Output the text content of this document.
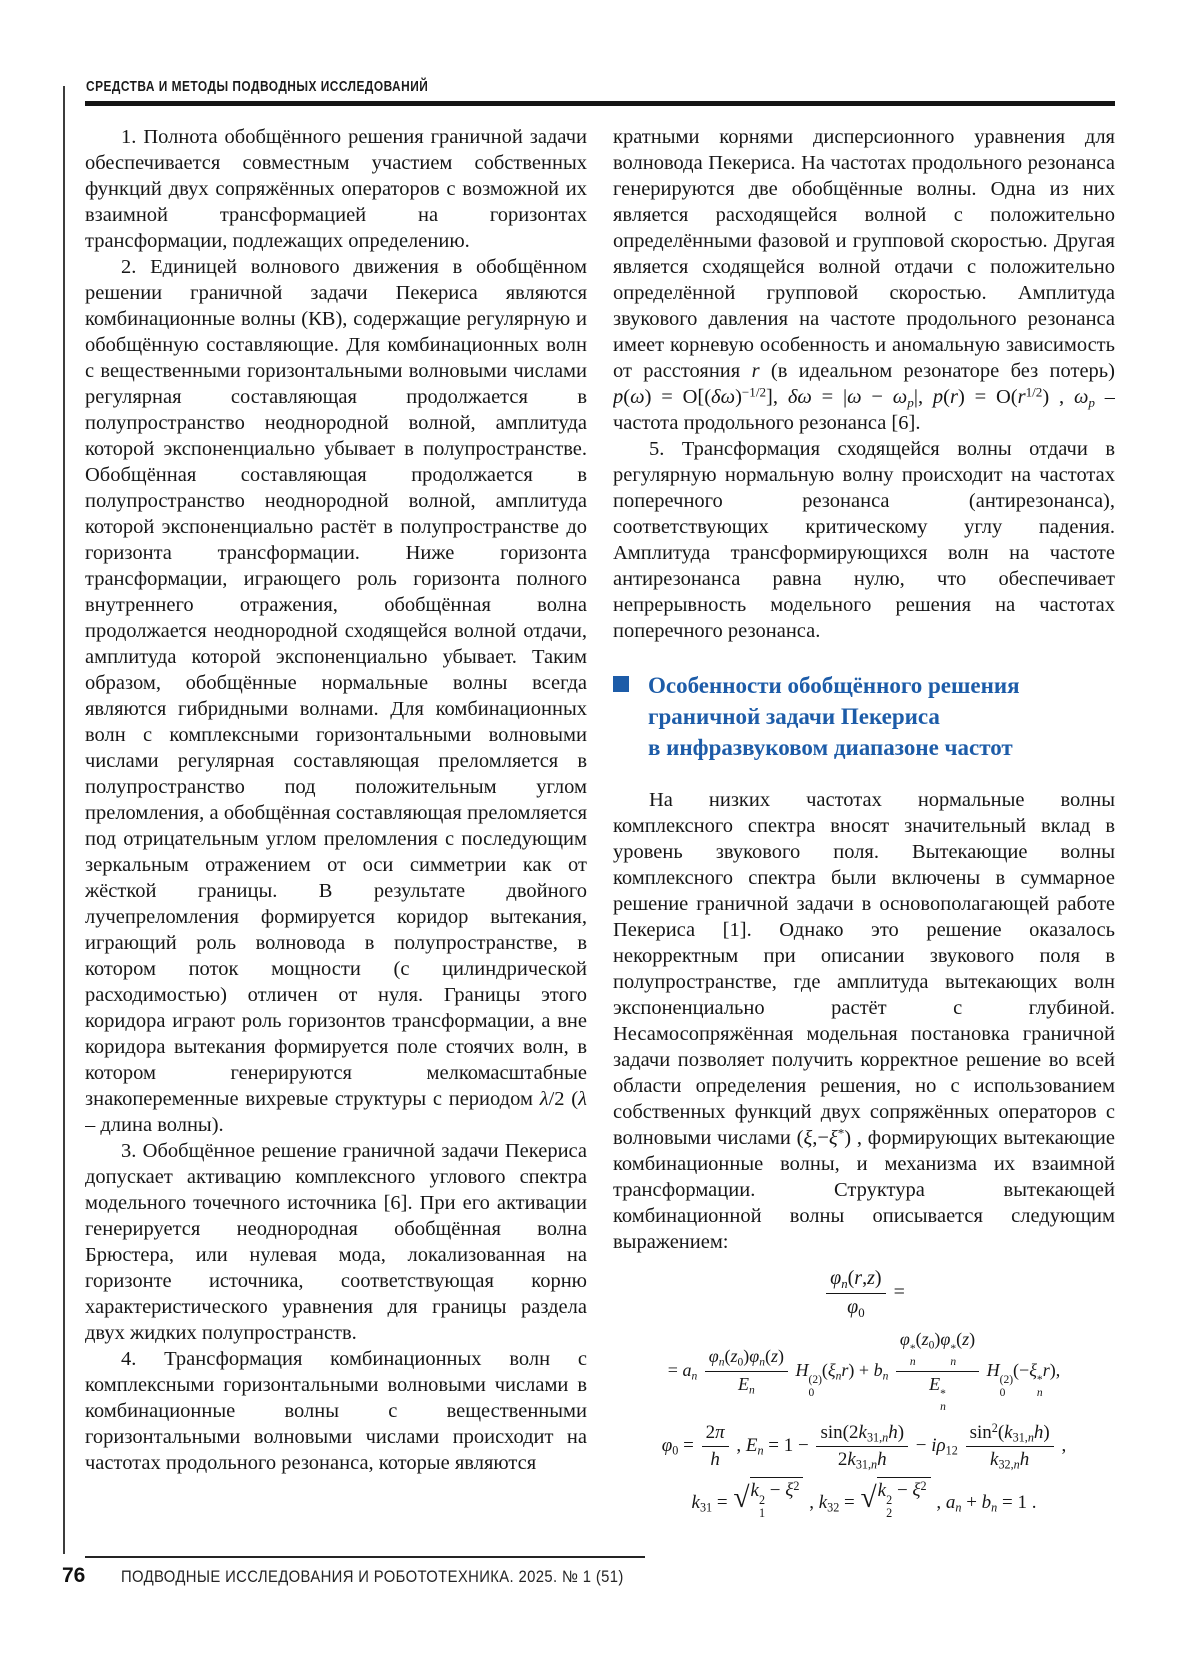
СРЕДСТВА И МЕТОДЫ ПОДВОДНЫХ ИССЛЕДОВАНИЙ

1. Полнота обобщённого решения граничной задачи обеспечивается совместным участием собственных функций двух сопряжённых операторов с возможной их взаимной трансформацией на горизонтах трансформации, подлежащих определению.

2. Единицей волнового движения в обобщённом решении граничной задачи Пекериса являются комбинационные волны (КВ), содержащие регулярную и обобщённую составляющие. Для комбинационных волн с вещественными горизонтальными волновыми числами регулярная составляющая продолжается в полупространство неоднородной волной, амплитуда которой экспоненциально убывает в полупространстве. Обобщённая составляющая продолжается в полупространство неоднородной волной, амплитуда которой экспоненциально растёт в полупространстве до горизонта трансформации. Ниже горизонта трансформации, играющего роль горизонта полного внутреннего отражения, обобщённая волна продолжается неоднородной сходящейся волной отдачи, амплитуда которой экспоненциально убывает. Таким образом, обобщённые нормальные волны всегда являются гибридными волнами. Для комбинационных волн с комплексными горизонтальными волновыми числами регулярная составляющая преломляется в полупространство под положительным углом преломления, а обобщённая составляющая преломляется под отрицательным углом преломления с последующим зеркальным отражением от оси симметрии как от жёсткой границы. В результате двойного лучепреломления формируется коридор вытекания, играющий роль волновода в полупространстве, в котором поток мощности (с цилиндрической расходимостью) отличен от нуля. Границы этого коридора играют роль горизонтов трансформации, а вне коридора вытекания формируется поле стоячих волн, в котором генерируются мелкомасштабные знакопеременные вихревые структуры с периодом λ/2 (λ – длина волны).

3. Обобщённое решение граничной задачи Пекериса допускает активацию комплексного углового спектра модельного точечного источника [6]. При его активации генерируется неоднородная обобщённая волна Брюстера, или нулевая мода, локализованная на горизонте источника, соответствующая корню характеристического уравнения для границы раздела двух жидких полупространств.

4. Трансформация комбинационных волн с комплексными горизонтальными волновыми числами в комбинационные волны с вещественными горизонтальными волновыми числами происходит на частотах продольного резонанса, которые являются

кратными корнями дисперсионного уравнения для волновода Пекериса. На частотах продольного резонанса генерируются две обобщённые волны. Одна из них является расходящейся волной с положительно определёнными фазовой и групповой скоростью. Другая является сходящейся волной отдачи с положительно определённой групповой скоростью. Амплитуда звукового давления на частоте продольного резонанса имеет корневую особенность и аномальную зависимость от расстояния r (в идеальном резонаторе без потерь) $p(\omega) = O[(\delta\omega)^{-1/2}]$, $\delta\omega = |\omega - \omega_p|$, $p(r) = O(r^{1/2})$ , $\omega_p$ – частота продольного резонанса [6].

5. Трансформация сходящейся волны отдачи в регулярную нормальную волну происходит на частотах поперечного резонанса (антирезонанса), соответствующих критическому углу падения. Амплитуда трансформирующихся волн на частоте антирезонанса равна нулю, что обеспечивает непрерывность модельного решения на частотах поперечного резонанса.

Особенности обобщённого решения
граничной задачи Пекериса
в инфразвуковом диапазоне частот

На низких частотах нормальные волны комплексного спектра вносят значительный вклад в уровень звукового поля. Вытекающие волны комплексного спектра были включены в суммарное решение граничной задачи в основополагающей работе Пекериса [1]. Однако это решение оказалось некорректным при описании звукового поля в полупространстве, где амплитуда вытекающих волн экспоненциально растёт с глубиной. Несамосопряжённая модельная постановка граничной задачи позволяет получить корректное решение во всей области определения решения, но с использованием собственных функций двух сопряжённых операторов с волновыми числами (ξ,−ξ*) , формирующих вытекающие комбинационные волны, и механизма их взаимной трансформации. Структура вытекающей комбинационной волны описывается следующим выражением:

$\frac{\varphi_n(r,z)}{\varphi_0}$ =
= $a_n \frac{\varphi_n(z_0)\varphi_n(z)}{E_n}$ H
(2)
0
$(\xi_nr) + b_n$ φ
*
n
$(z_0)\varphi$
*
n
(z)
E
*
n H
(2)
0
(−ξ
*
n
r),
$\varphi_0 = \frac{2\pi}{h}$ , $E_n = 1 - \frac{\sin(2k_{31,n}h)}{2k_{31,n}h} - i\rho_{12} \frac{\sin^2(k_{31,n}h)}{k_{32,n}h}$ ,
$k_{31}$ = √ k 2
1
− $\xi^2$
, $k_{32}$ = √ k 2
2
− $\xi^2$
, $a_n + b_n = 1$ .
76 ПОДВОДНЫЕ ИССЛЕДОВАНИЯ И РОБОТОТЕХНИКА. 2025. № 1 (51)
